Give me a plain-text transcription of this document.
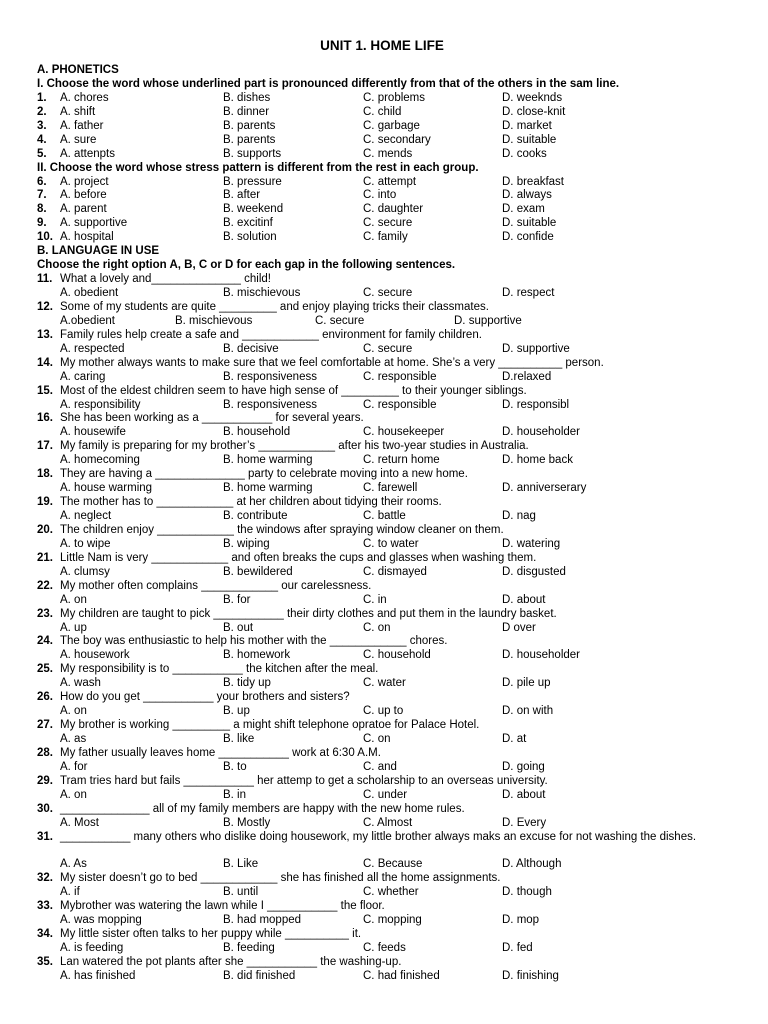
UNIT 1. HOME LIFE
A. PHONETICS
I. Choose the word whose underlined part is pronounced differently from that of the others in the sam line.
1. A. chores	B. dishes	C. problems	D. weeknds
2. A. shift	B. dinner	C. child	D. close-knit
3. A. father	B. parents	C. garbage	D. market
4. A. sure	B. parents	C. secondary	D. suitable
5. A. attenpts	B. supports	C. mends	D. cooks
II. Choose the word whose stress pattern is different from the rest in each group.
6. A. project	B. pressure	C. attempt	D. breakfast
7. A. before	B. after	C. into	D. always
8. A. parent	B. weekend	C. daughter	D. exam
9. A. supportive	B. excitinf	C. secure	D. suitable
10. A. hospital	B. solution	C. family	D. confide
B. LANGUAGE IN USE
Choose the right option A, B, C or D for each gap in the following sentences.
11. What a lovely and______________ child!
A. obedient	B. mischievous	C. secure	D. respect
12. Some of my students are quite _________ and enjoy playing tricks their classmates.
A.obedient	B. mischievous	C. secure	D. supportive
13. Family rules help create a safe and ____________ environment for family children.
A. respected	B. decisive	C. secure	D. supportive
14. My mother always wants to make sure that we feel comfortable at home. She’s a very __________ person.
A. caring	B. responsiveness	C. responsible	D.relaxed
15. Most of the eldest children seem to have high sense of _________ to their younger siblings.
A. responsibility	B. responsiveness	C. responsible	D. responsibl
16. She has been working as a ___________ for several years.
A. housewife	B. household	C. housekeeper	D. householder
17. My family is preparing for my brother’s ____________ after his two-year studies in Australia.
A. homecoming	B. home warming	C. return home	D. home back
18. They are having a ______________ party to celebrate moving into a new home.
A. house warming	B. home warming	C. farewell	D. anniverserary
19. The mother has to ____________ at her children about tidying their rooms.
A. neglect	B. contribute	C. battle	D. nag
20. The children enjoy ____________ the windows after spraying window cleaner on them.
A. to wipe	B. wiping	C. to water	D. watering
21. Little Nam is very ____________ and often breaks the cups and glasses when washing them.
A. clumsy	B. bewildered	C. dismayed	D. disgusted
22. My mother often complains ____________ our carelessness.
A. on	B. for	C. in	D. about
23. My children are taught to pick ___________ their dirty clothes and put them in the laundry basket.
A. up	B. out	C. on	D over
24. The boy was enthusiastic to help his mother with the ____________ chores.
A. housework	B. homework	C. household	D. householder
25. My responsibility is to ___________ the kitchen after the meal.
A. wash	B. tidy up	C. water	D. pile up
26. How do you get ___________ your brothers and sisters?
A. on	B. up	C. up to	D. on with
27. My brother is working _________ a might shift telephone opratoe for Palace Hotel.
A. as	B. like	C. on	D. at
28. My father usually leaves home ___________ work at 6:30 A.M.
A. for	B. to	C. and	D. going
29. Tram tries hard but fails ___________ her attemp to get a scholarship to an overseas university.
A. on	B. in	C. under	D. about
30. ______________ all of my family members are happy with the new home rules.
A. Most	B. Mostly	C. Almost	D. Every
31. ___________ many others who dislike doing housework, my little brother always maks an excuse for not washing the dishes.
A. As	B. Like	C. Because	D. Although
32. My sister doesn’t go to bed ____________ she has finished all the home assignments.
A. if	B. until	C. whether	D. though
33. Mybrother was watering the lawn while I ___________ the floor.
A. was mopping	B. had mopped	C. mopping	D. mop
34. My little sister often talks to her puppy while __________ it.
A. is feeding	B. feeding	C. feeds	D. fed
35. Lan watered the pot plants after she ___________ the washing-up.
A. has finished	B. did finished	C. had finished	D. finishing
